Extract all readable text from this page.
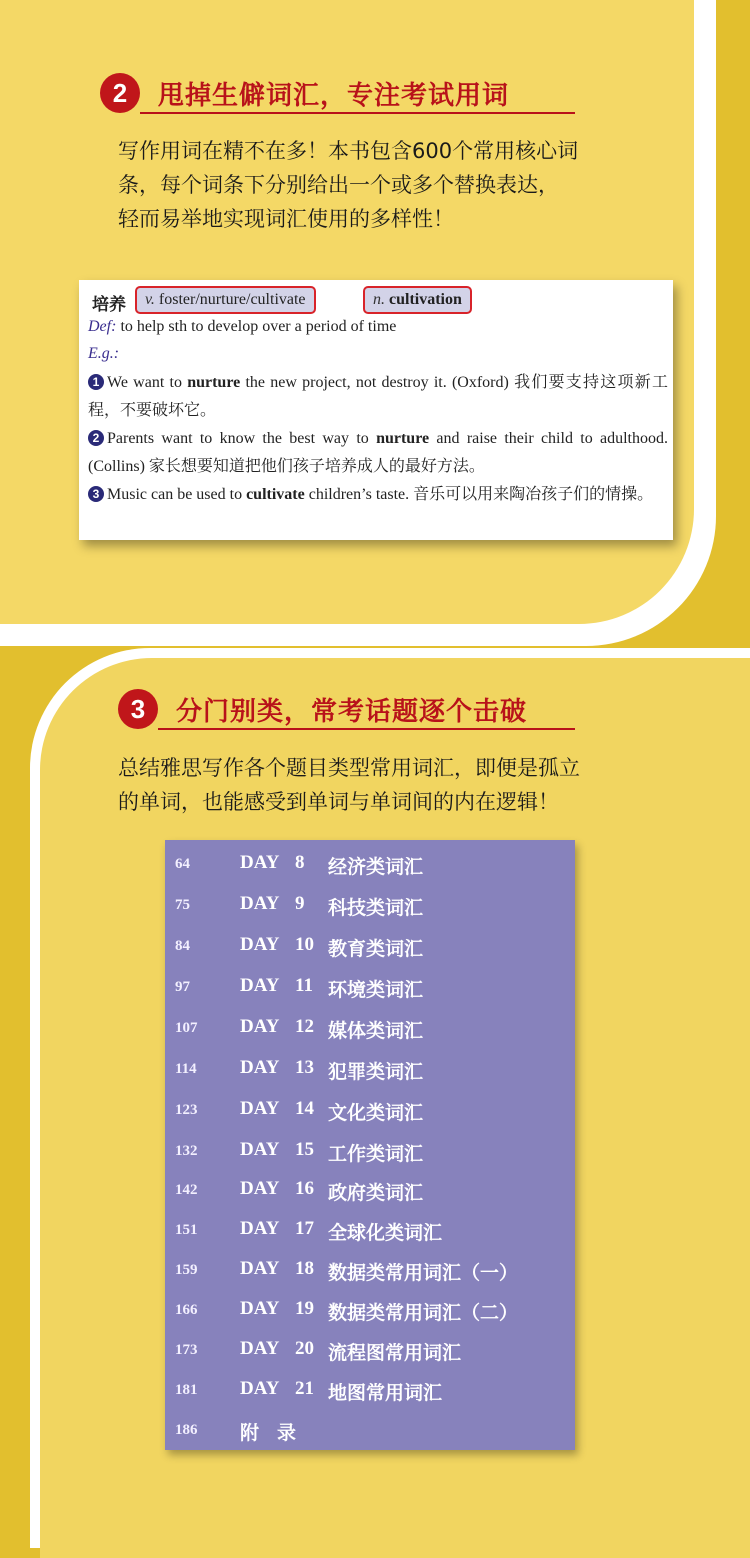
2	甩掉生僻词汇，专注考试用词
写作用词在精不在多！本书包含600个常用核心词
条，每个词条下分别给出一个或多个替换表达，
轻而易举地实现词汇使用的多样性！
培养	v. foster/nurture/cultivate	n. cultivation
Def: to help sth to develop over a period of time
E.g.:
1 We want to nurture the new project, not destroy it. (Oxford) 我们要支持这项新工程，不要破坏它。
2 Parents want to know the best way to nurture and raise their child to adulthood. (Collins) 家长想要知道把他们孩子培养成人的最好方法。
3 Music can be used to cultivate children’s taste. 音乐可以用来陶冶孩子们的情操。
3	分门别类，常考话题逐个击破
总结雅思写作各个题目类型常用词汇，即便是孤立
的单词，也能感受到单词与单词间的内在逻辑！
64	DAY 8 经济类词汇
75	DAY 9 科技类词汇
84	DAY 10 教育类词汇
97	DAY 11 环境类词汇
107	DAY 12 媒体类词汇
114	DAY 13 犯罪类词汇
123	DAY 14 文化类词汇
132	DAY 15 工作类词汇
142	DAY 16 政府类词汇
151	DAY 17 全球化类词汇
159	DAY 18 数据类常用词汇（一）
166	DAY 19 数据类常用词汇（二）
173	DAY 20 流程图常用词汇
181	DAY 21 地图常用词汇
186	附 录
